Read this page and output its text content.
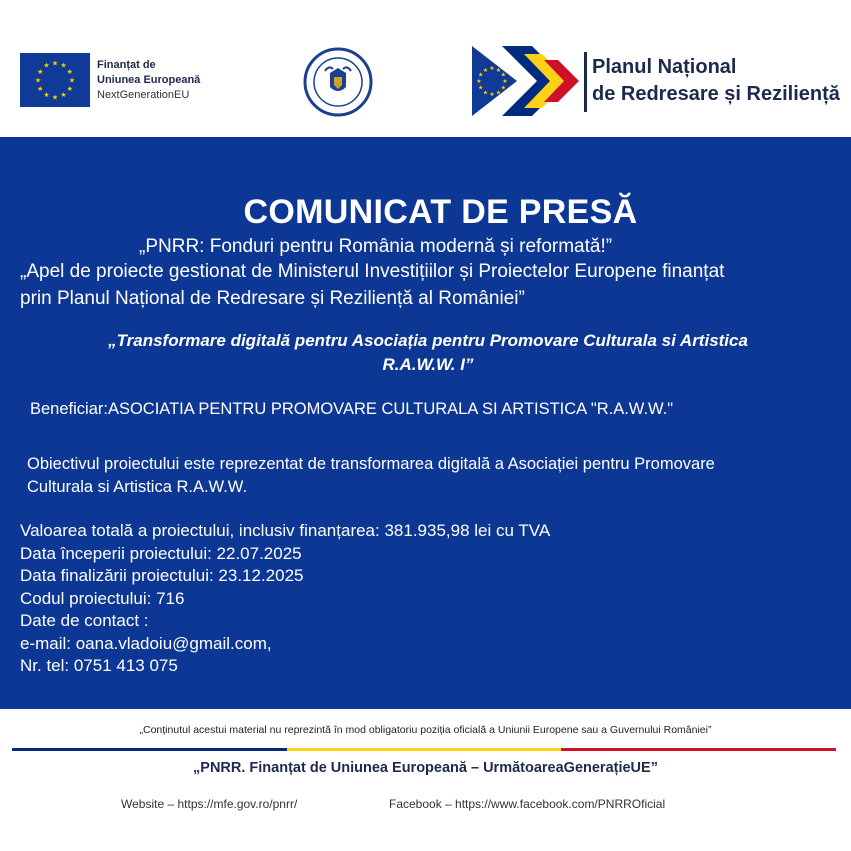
★ ★
★
★
★
★
★
★
★
★
★
★	Finanțat de
Uniunea Europeană
NextGenerationEU
★ ★
★
★
★
★
★
★
★
★
★
★	Planul Național
de Redresare și Reziliență
COMUNICAT DE PRESĂ
„PNRR: Fonduri pentru România modernă și reformată!”
„Apel de proiecte gestionat de Ministerul Investițiilor și Proiectelor Europene finanțat
prin Planul Național de Redresare și Reziliență al României”
„Transformare digitală pentru Asociația pentru Promovare Culturala si Artistica
R.A.W.W. I”
Beneficiar:ASOCIATIA PENTRU PROMOVARE CULTURALA SI ARTISTICA "R.A.W.W."
Obiectivul proiectului este reprezentat de transformarea digitală a Asociației pentru Promovare
Culturala si Artistica R.A.W.W.
Valoarea totală a proiectului, inclusiv finanțarea: 381.935,98 lei cu TVA
Data începerii proiectului: 22.07.2025
Data finalizării proiectului: 23.12.2025
Codul proiectului: 716
Date de contact :
e-mail: oana.vladoiu@gmail.com,
Nr. tel: 0751 413 075
„Conținutul acestui material nu reprezintă în mod obligatoriu poziția oficială a Uniunii Europene sau a Guvernului României”
„PNRR. Finanțat de Uniunea Europeană – UrmătoareaGenerațieUE”
Website – https://mfe.gov.ro/pnrr/	Facebook – https://www.facebook.com/PNRROficial
